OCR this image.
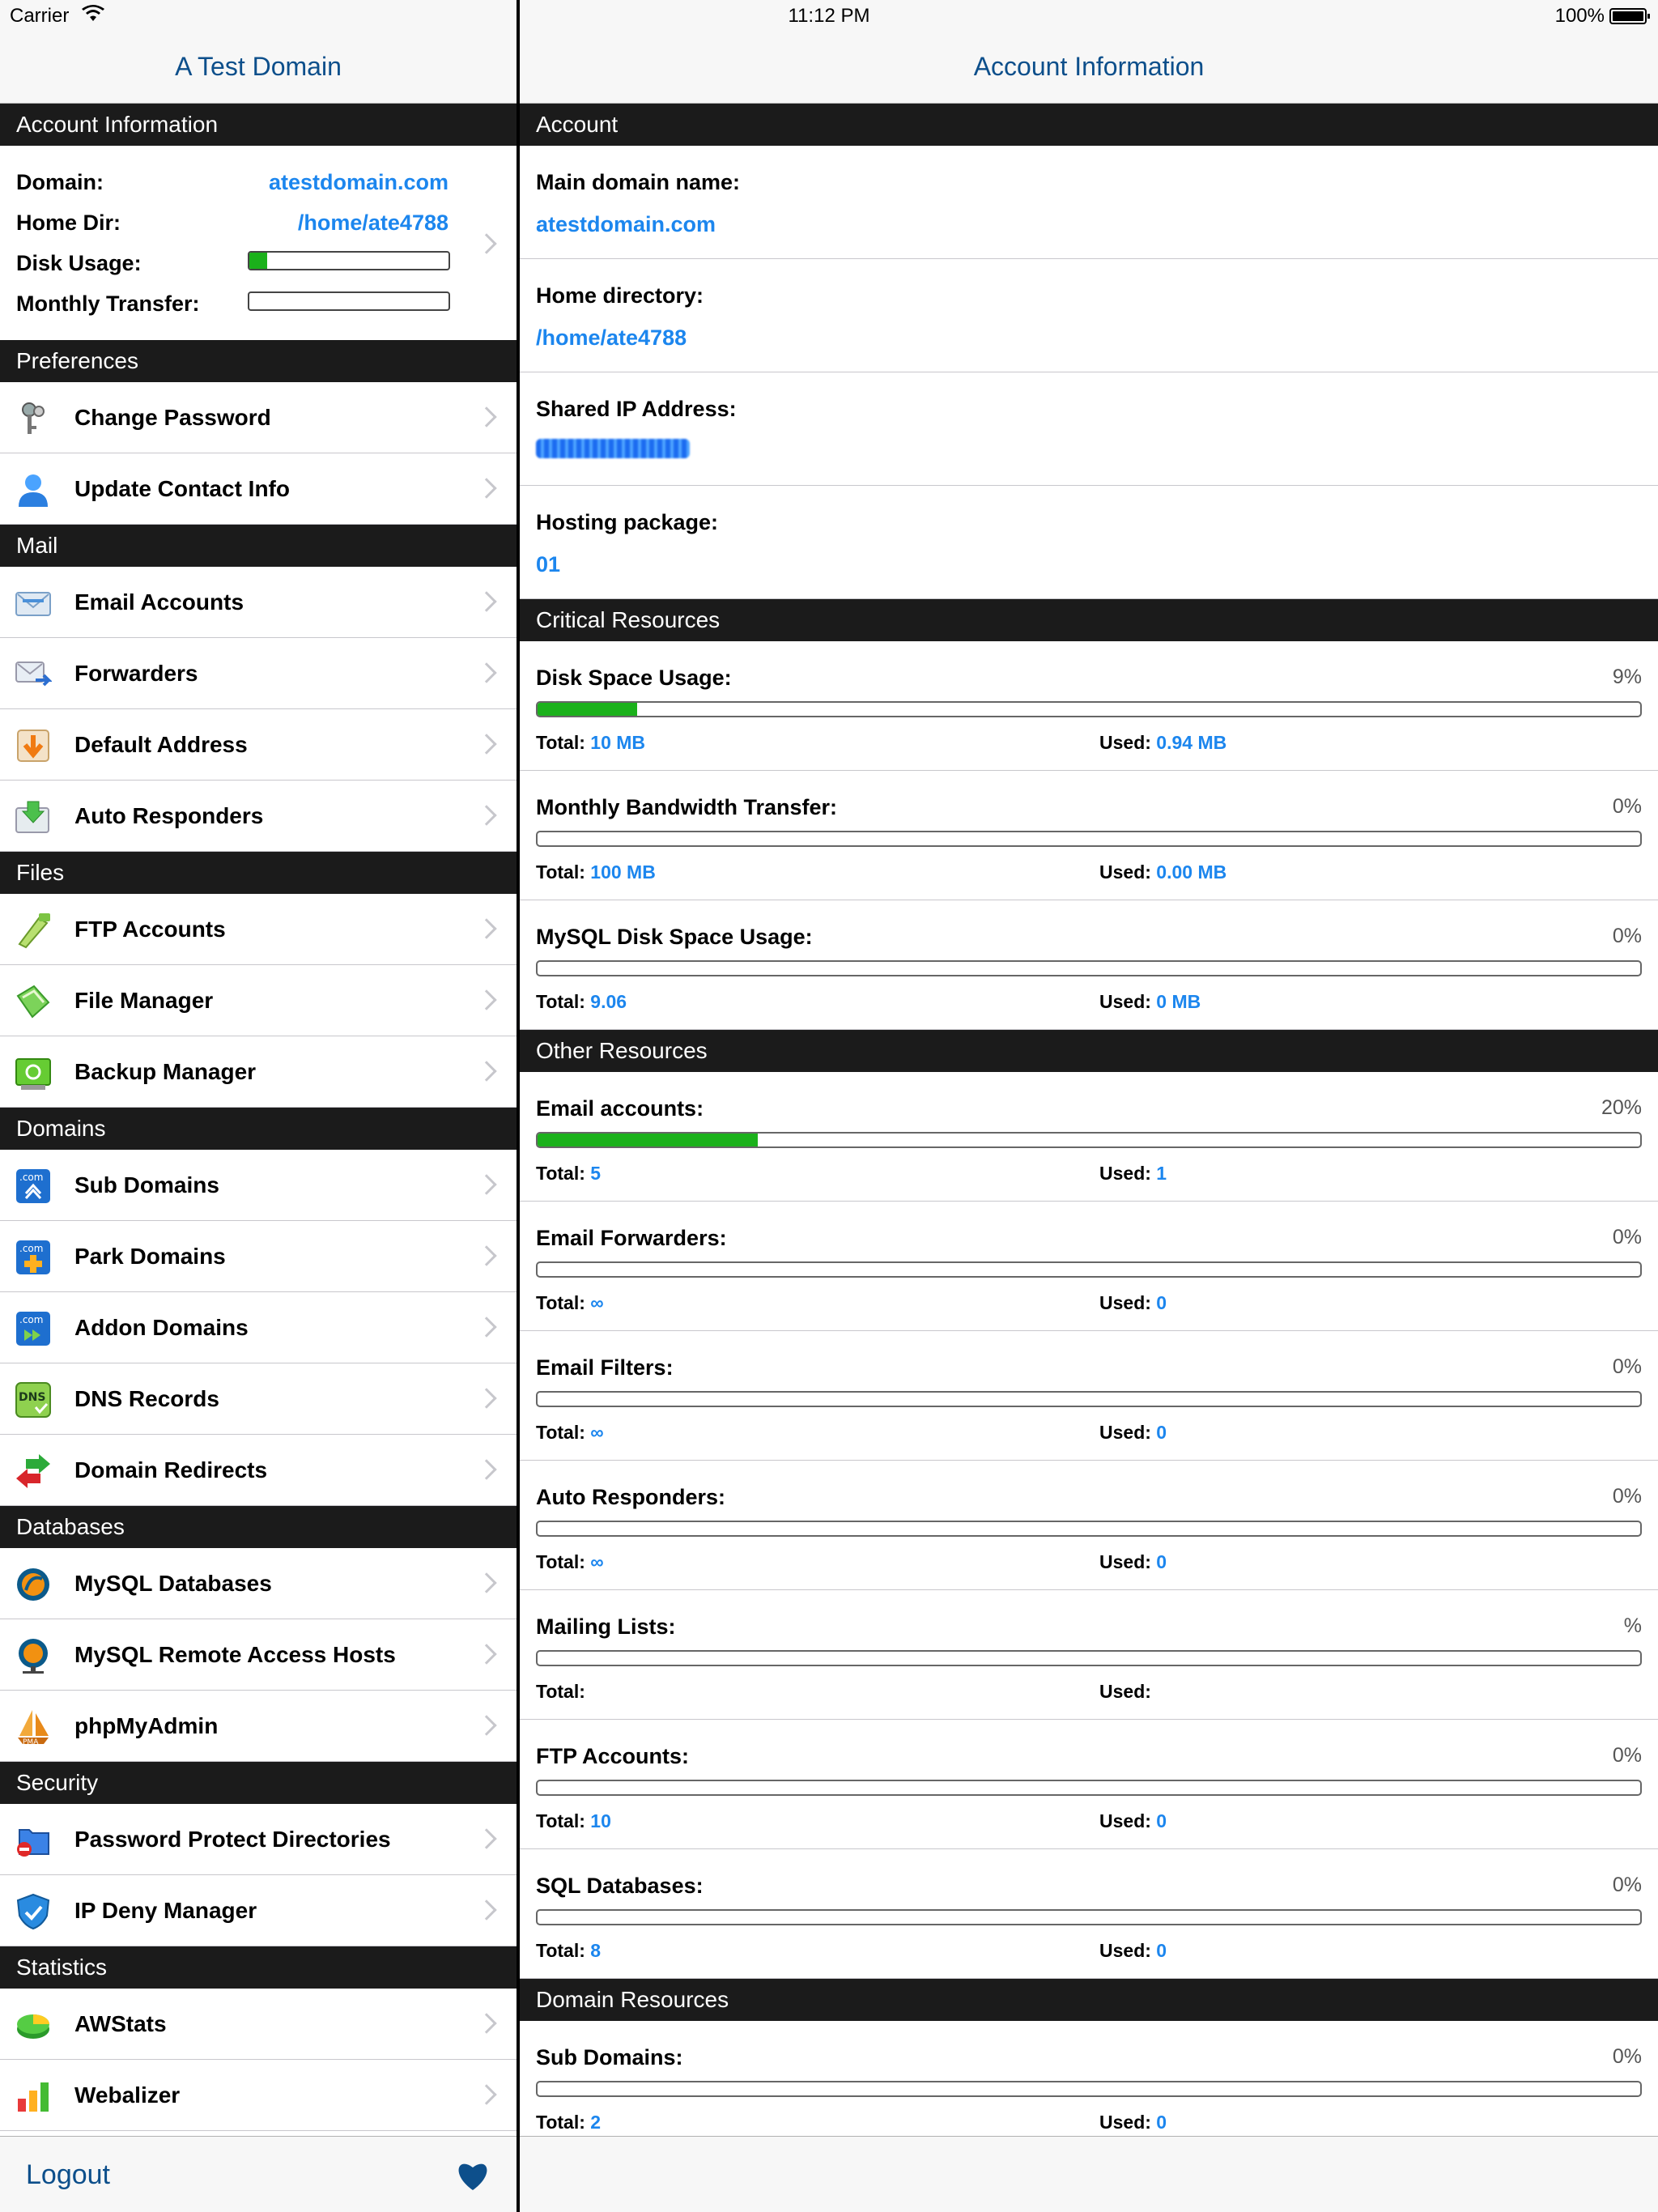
Carrier	11:12 PM	100%
A Test Domain
Account Information
Domain:	atestdomain.com
Home Dir:	/home/ate4788
Disk Usage:
Monthly Transfer:
Preferences
Change Password
Update Contact Info
Mail
Email Accounts
Forwarders
Default Address
Auto Responders
Files
FTP Accounts
File Manager
Backup Manager
Domains
.com Sub Domains
.com Park Domains
.com Addon Domains
DNS DNS Records
Domain Redirects
Databases
MySQL Databases
MySQL Remote Access Hosts
PMA
phpMyAdmin
Security
Password Protect Directories
IP Deny Manager
Statistics
AWStats
Webalizer
Logout
Account Information
Account
Main domain name:
atestdomain.com
Home directory:
/home/ate4788
Shared IP Address:
Hosting package:
01
Critical Resources
Disk Space Usage:	9%
Total: 10 MB	Used: 0.94 MB
Monthly Bandwidth Transfer:	0%
Total: 100 MB	Used: 0.00 MB
MySQL Disk Space Usage:	0%
Total: 9.06	Used: 0 MB
Other Resources
Email accounts:	20%
Total: 5	Used: 1
Email Forwarders:	0%
Total: ∞	Used: 0
Email Filters:	0%
Total: ∞	Used: 0
Auto Responders:	0%
Total: ∞	Used: 0
Mailing Lists:	%
Total:	Used:
FTP Accounts:	0%
Total: 10	Used: 0
SQL Databases:	0%
Total: 8	Used: 0
Domain Resources
Sub Domains:	0%
Total: 2	Used: 0
